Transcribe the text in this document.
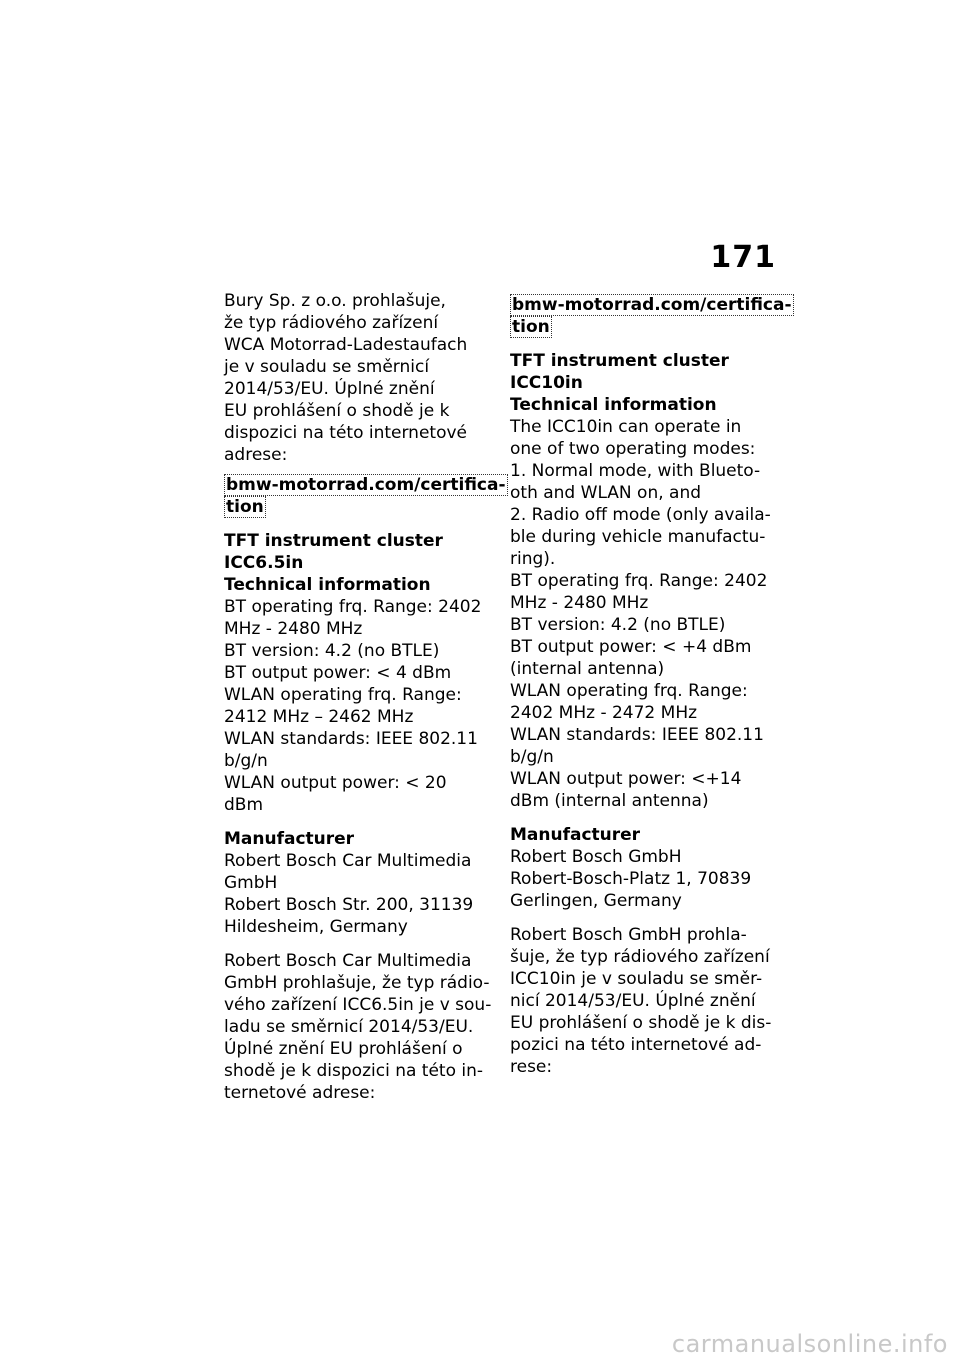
171
Bury Sp. z o.o. prohlašuje,
že typ rádiového zařízení
WCA Motorrad-Ladestaufach
je v souladu se směrnicí
2014/53/EU. Úplné znění
EU prohlášení o shodě je k
dispozici na této internetové
adrese:
bmw-motorrad.com/certifica-
tion
TFT instrument cluster
ICC6.5in
Technical information
BT operating frq. Range: 2402
MHz - 2480 MHz
BT version: 4.2 (no BTLE)
BT output power: < 4 dBm
WLAN operating frq. Range:
2412 MHz – 2462 MHz
WLAN standards: IEEE 802.11
b/g/n
WLAN output power: < 20
dBm
Manufacturer
Robert Bosch Car Multimedia
GmbH
Robert Bosch Str. 200, 31139
Hildesheim, Germany
Robert Bosch Car Multimedia
GmbH prohlašuje, že typ rádio-
vého zařízení ICC6.5in je v sou-
ladu se směrnicí 2014/53/EU.
Úplné znění EU prohlášení o
shodě je k dispozici na této in-
ternetové adrese:
bmw-motorrad.com/certifica-
tion
TFT instrument cluster
ICC10in
Technical information
The ICC10in can operate in
one of two operating modes:
1. Normal mode, with Blueto-
oth and WLAN on, and
2. Radio off mode (only availa-
ble during vehicle manufactu-
ring).
BT operating frq. Range: 2402
MHz - 2480 MHz
BT version: 4.2 (no BTLE)
BT output power: < +4 dBm
(internal antenna)
WLAN operating frq. Range:
2402 MHz - 2472 MHz
WLAN standards: IEEE 802.11
b/g/n
WLAN output power: <+14
dBm (internal antenna)
Manufacturer
Robert Bosch GmbH
Robert-Bosch-Platz 1, 70839
Gerlingen, Germany
Robert Bosch GmbH prohla-
šuje, že typ rádiového zařízení
ICC10in je v souladu se směr-
nicí 2014/53/EU. Úplné znění
EU prohlášení o shodě je k dis-
pozici na této internetové ad-
rese:
carmanualsonline.info
